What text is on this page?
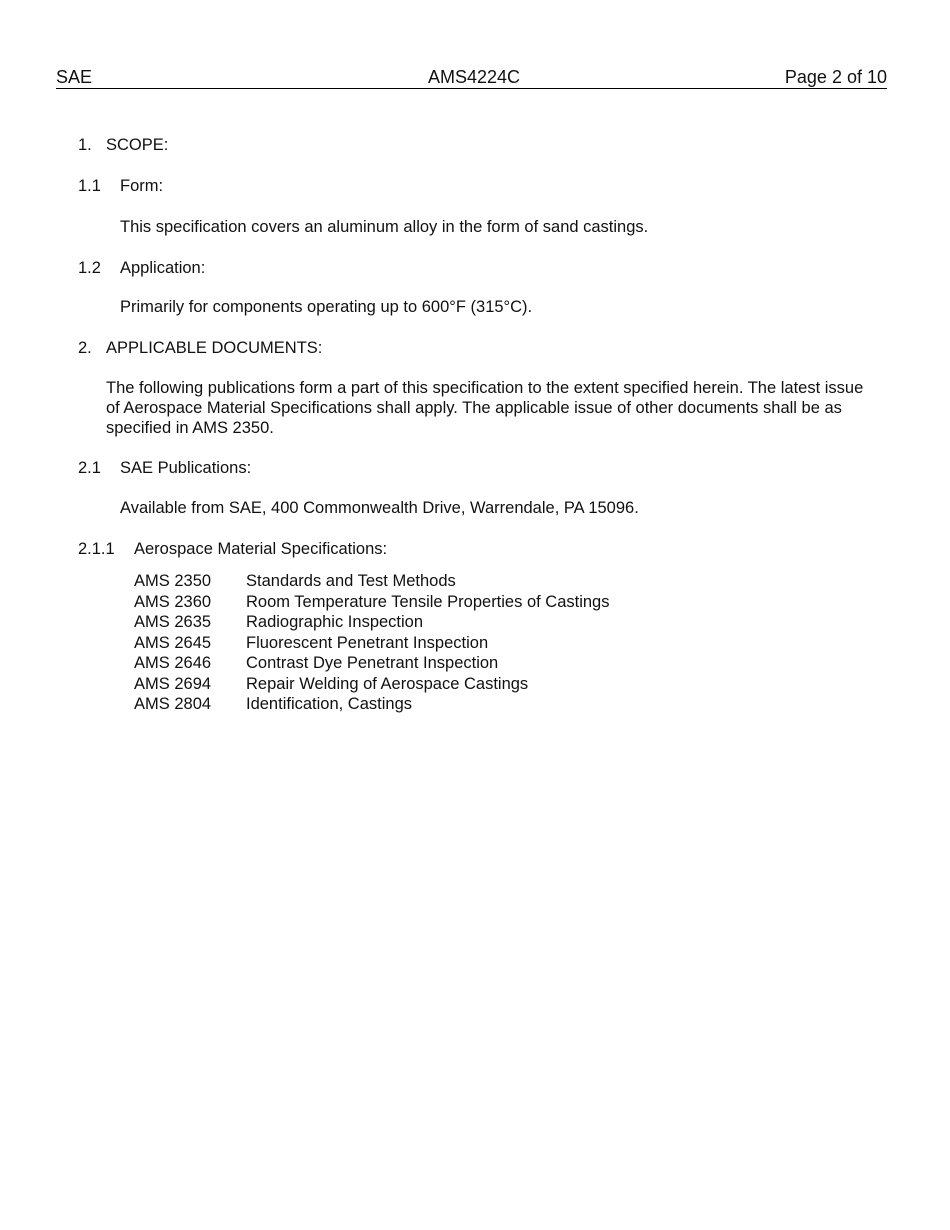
SAE	AMS4224C	Page 2 of 10
1. SCOPE:
1.1 Form:
This specification covers an aluminum alloy in the form of sand castings.
1.2 Application:
Primarily for components operating up to 600°F (315°C).
2. APPLICABLE DOCUMENTS:
The following publications form a part of this specification to the extent specified herein. The latest issue of Aerospace Material Specifications shall apply. The applicable issue of other documents shall be as specified in AMS 2350.
2.1 SAE Publications:
Available from SAE, 400 Commonwealth Drive, Warrendale, PA 15096.
2.1.1 Aerospace Material Specifications:
AMS 2350 Standards and Test Methods
AMS 2360 Room Temperature Tensile Properties of Castings
AMS 2635 Radiographic Inspection
AMS 2645 Fluorescent Penetrant Inspection
AMS 2646 Contrast Dye Penetrant Inspection
AMS 2694 Repair Welding of Aerospace Castings
AMS 2804 Identification, Castings
